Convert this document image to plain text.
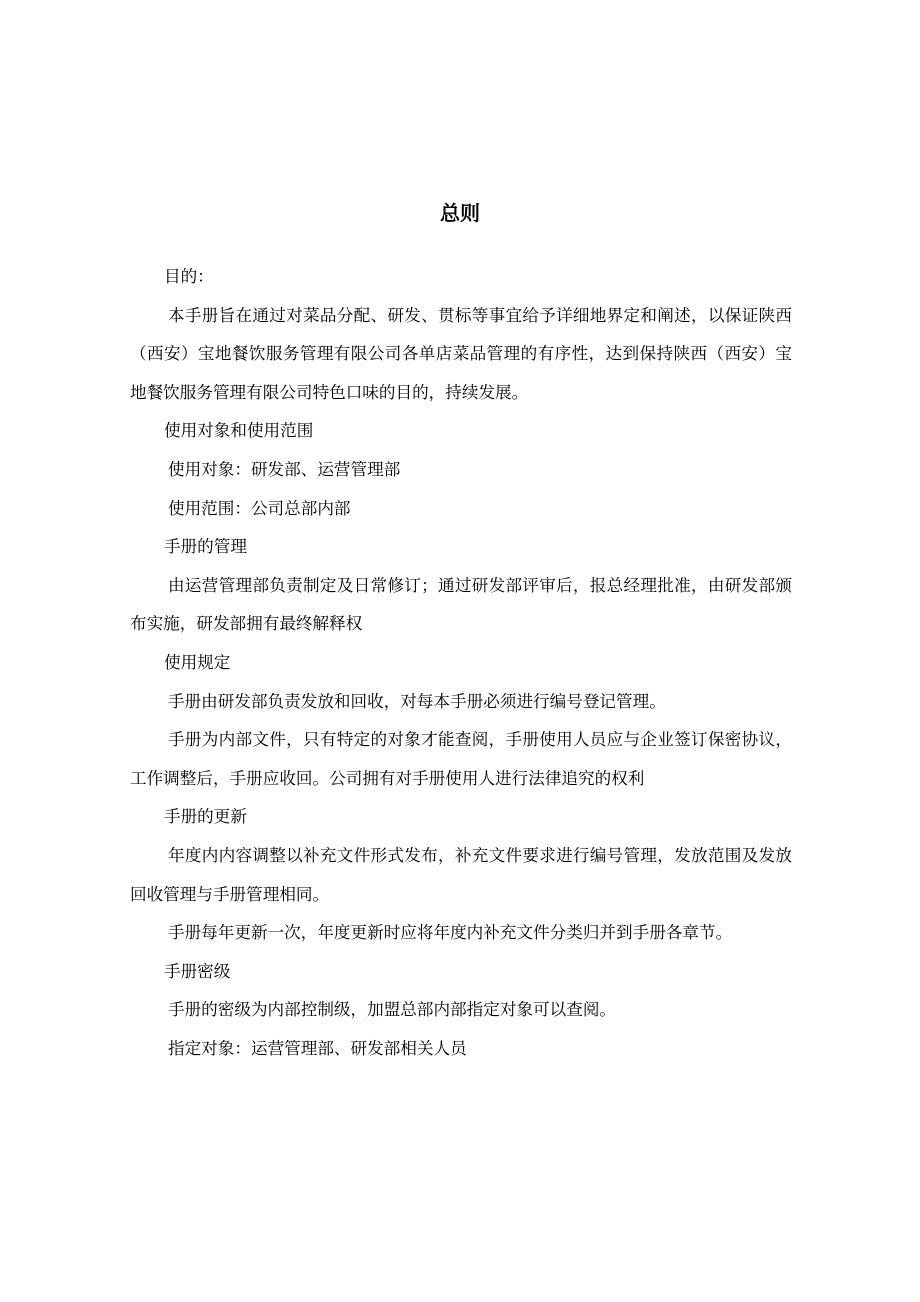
总则

目的：

本手册旨在通过对菜品分配、研发、贯标等事宜给予详细地界定和阐述，以保证陕西（西安）宝地餐饮服务管理有限公司各单店菜品管理的有序性，达到保持陕西（西安）宝地餐饮服务管理有限公司特色口味的目的，持续发展。

使用对象和使用范围

使用对象：研发部、运营管理部

使用范围：公司总部内部

手册的管理

由运营管理部负责制定及日常修订；通过研发部评审后，报总经理批准，由研发部颁布实施，研发部拥有最终解释权

使用规定

手册由研发部负责发放和回收，对每本手册必须进行编号登记管理。

手册为内部文件，只有特定的对象才能查阅，手册使用人员应与企业签订保密协议，工作调整后，手册应收回。公司拥有对手册使用人进行法律追究的权利

手册的更新

年度内内容调整以补充文件形式发布，补充文件要求进行编号管理，发放范围及发放回收管理与手册管理相同。

手册每年更新一次，年度更新时应将年度内补充文件分类归并到手册各章节。

手册密级

手册的密级为内部控制级，加盟总部内部指定对象可以查阅。

指定对象：运营管理部、研发部相关人员
